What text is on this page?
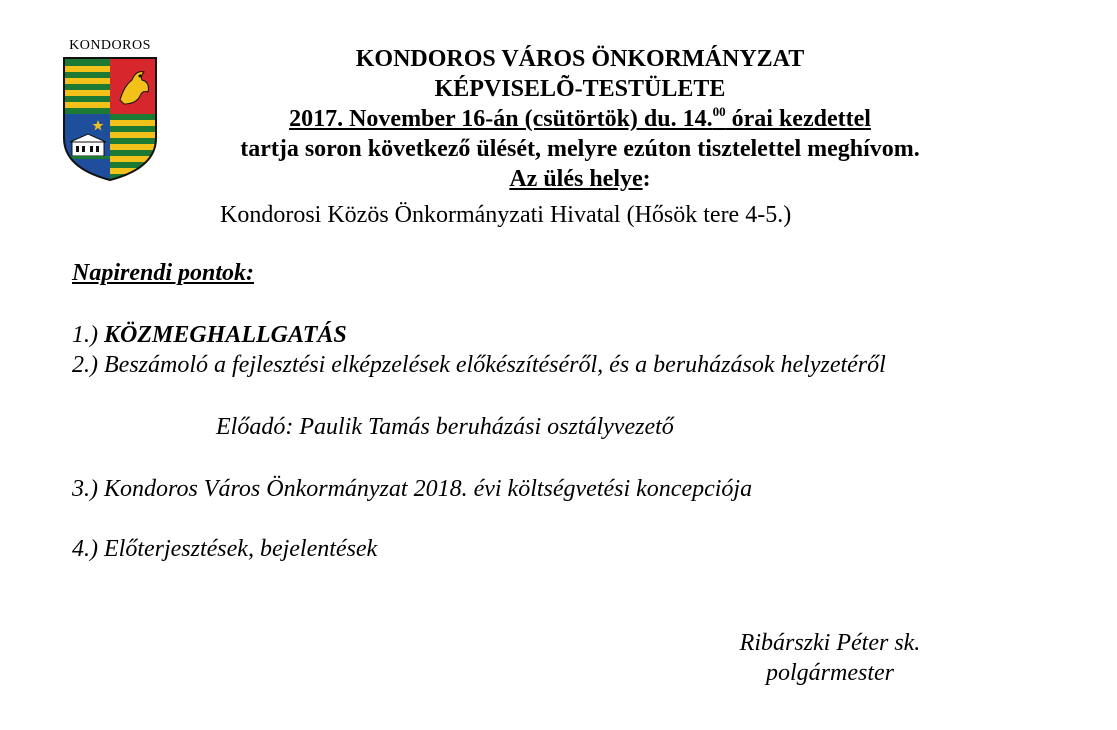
KONDOROS
KONDOROS VÁROS ÖNKORMÁNYZAT
KÉPVISELÕ-TESTÜLETE
2017. November 16-án (csütörtök) du. 14.00 órai kezdettel
tartja soron következő ülését, melyre ezúton tisztelettel meghívom.
Az ülés helye:
Kondorosi Közös Önkormányzati Hivatal (Hősök tere 4-5.)
Napirendi pontok:
1.) KÖZMEGHALLGATÁS
2.) Beszámoló a fejlesztési elképzelések előkészítéséről, és a beruházások helyzetéről
Előadó: Paulik Tamás beruházási osztályvezető
3.) Kondoros Város Önkormányzat 2018. évi költségvetési koncepciója
4.) Előterjesztések, bejelentések
Ribárszki Péter sk.
polgármester
